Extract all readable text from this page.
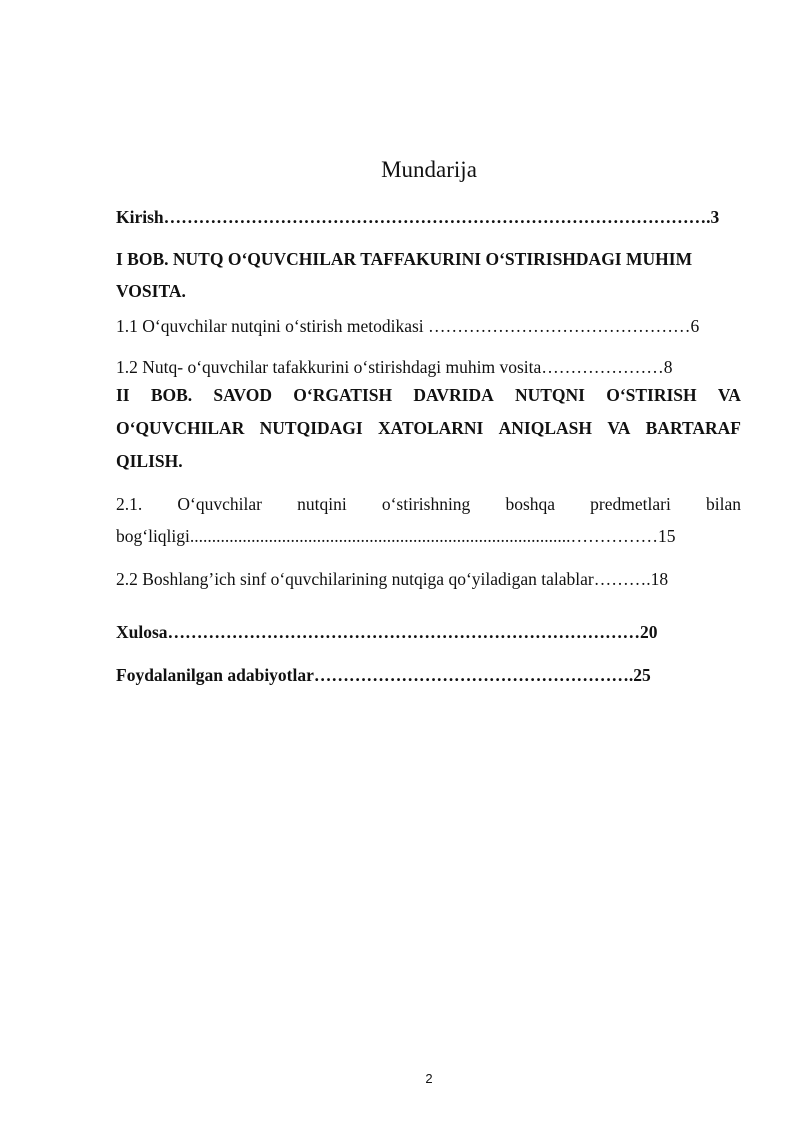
Mundarija
Kirish………………………………………………………………………………….3
I BOB. NUTQ O‘QUVCHILAR TAFFAKURINI O‘STIRISHDAGI MUHIM
VOSITA.
1.1 O‘quvchilar nutqini o‘stirish metodikasi ………………………………………6
1.2 Nutq- o‘quvchilar tafakkurini o‘stirishdagi muhim vosita…………………8
II BOB. SAVOD O‘RGATISH DAVRIDA NUTQNI O‘STIRISH VA
O‘QUVCHILAR NUTQIDAGI XATOLARNI ANIQLASH VA BARTARAF
QILISH.
2.1. O‘quvchilar nutqini o‘stirishning boshqa predmetlari bilan
bog‘liqligi.......................................................................................……………15
2.2 Boshlang’ich sinf o‘quvchilarining nutqiga qo‘yiladigan talablar……….18
Xulosa………………………………………………………………………20
Foydalanilgan adabiyotlar……………………………………………….25
2
